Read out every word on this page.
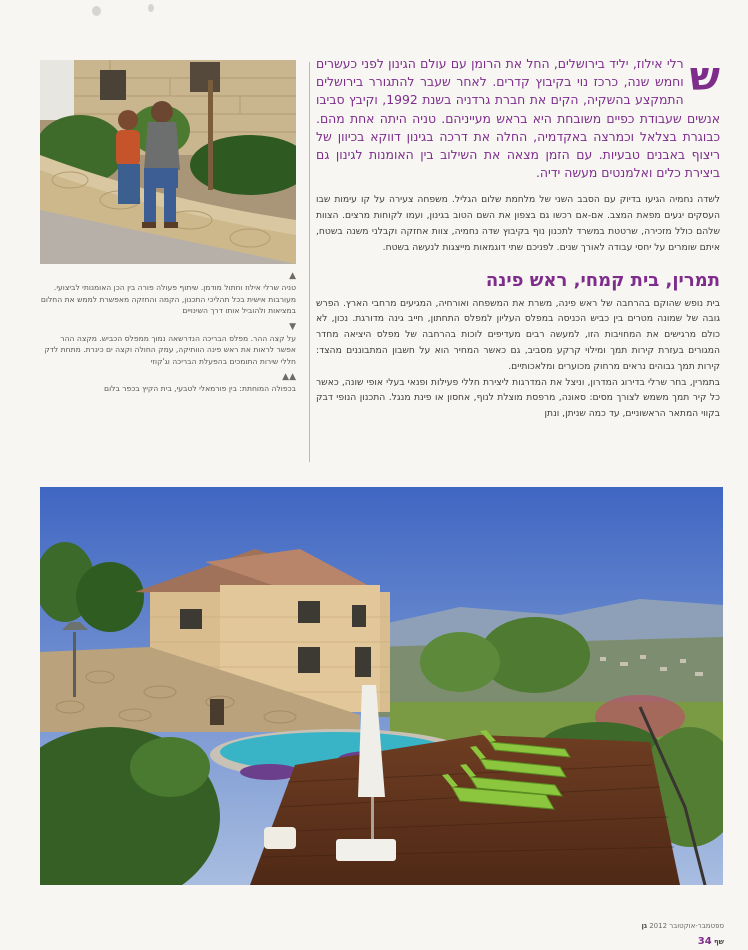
▲

טניה שרלי אילוז וחתול מודמן. שיתוף פעולה פורה בין הכן האומנותי לביצועי. מעורבות אישית בכל תהליכי התכנון, הקמה והחזקה מאפשרת לממש את החלום במציאות ולהוביל אותו דרך השינויים

▼

על קצה ההר. מפלס הבריכה הנדרשאה נמוך ממפלס הכביש. מקצה ההר אפשר לראות את ראש פינה הוותיקה, עמק החולה וקצה ים כינרת. מתחת לדק חללי שירות התומכים בהפעלת הבריכה וג'קוזי

▲▲

בכפולה המוחתת: בין פורמאלי לטבעי, בית הקיץ בכפר בלום

ש
רלי אילוז, יליד בירושלים, החל את הרומן עם עולם הגינון לפני כעשרים וחמש שנה, כרכז נוי בקיבוץ קדרים. לאחר שעבר להתגורר בירושלים התמקצע בהשקיה, הקים את חברת גרדניה בשנת 1992, וקיבץ סביבו אנשים שעבודת כפיים משובחת היא בראש מעייניהם. טניה היתה אחת מהם. כבוגרת בצלאל וכמרצה באקדמיה, החלה את דרכה בגינון דווקא בכיוון של ריצוף באבנים טבעיות. עם הזמן מצאה את השילוב בין האומנות לגינון גם ביצירת כלים ואלמנטים מעשה ידיה.

לשדה נחמיה הגיעו בדיוק עם הסבב השני של מלחמת שלום הגליל. משפחה צעירה על קו עימות שבו העסקים יגעים מפאת המצב. אם-אם רכשו גם בצפון את השם הטוב בגינון, ועמו לקוחות מרצים. הצוות שלהם כולל מזכירה, שרטטת במשרד לתכנון נוף בקיבוץ שדה נחמיה, צוות אחזקה וקבלני משנה בשטח, איתם שומרים על יחסי עבודה לאורך שנים. לפניכם שתי דוגמאות מייצגות לנעשה בשטח.

תמרין, בית קמחי, ראש פינה

בית נופש שהוקם בהרחבה של ראש פינה, משרת את המשפחה ואורחיה, המגיעים מרחבי הארץ. הפרש גובה של שמונה מטרים בין כביש הכניסה במפלס העליון למפלס התחתון, חייב גינה מדורגת. נכון, לא כולם מרגישים את המחויבות הזו, למעשה רבים מעדיפים לוכות בהרחבה של מפלס היציאה מחדר המגורים בעזרת קירות תמך ומילוי קרקע מסביב, גם כאשר המחיר הוא על חשבון המתבוננים מהצד: קירות תמך גבוהים נראים מרחוק מכוערים ומלאכותיים.

בתמרין, בחר שרלי בדירוג המדרון, וניצל את המדרגות ליצירת חללי פעילות ופנאי בעלי אופי שונה, כאשר כל קיר תמך משמש לצורך מסים: סאונה, מרפסת מוצלת לנוף, אחסון או פינת מנגל. התכנון הנופי דבק בקווי המתאר הראשוניים, עד כמה שניתן, ונתן

ספטמבר-אוקטובר 2012 גן שף 34
